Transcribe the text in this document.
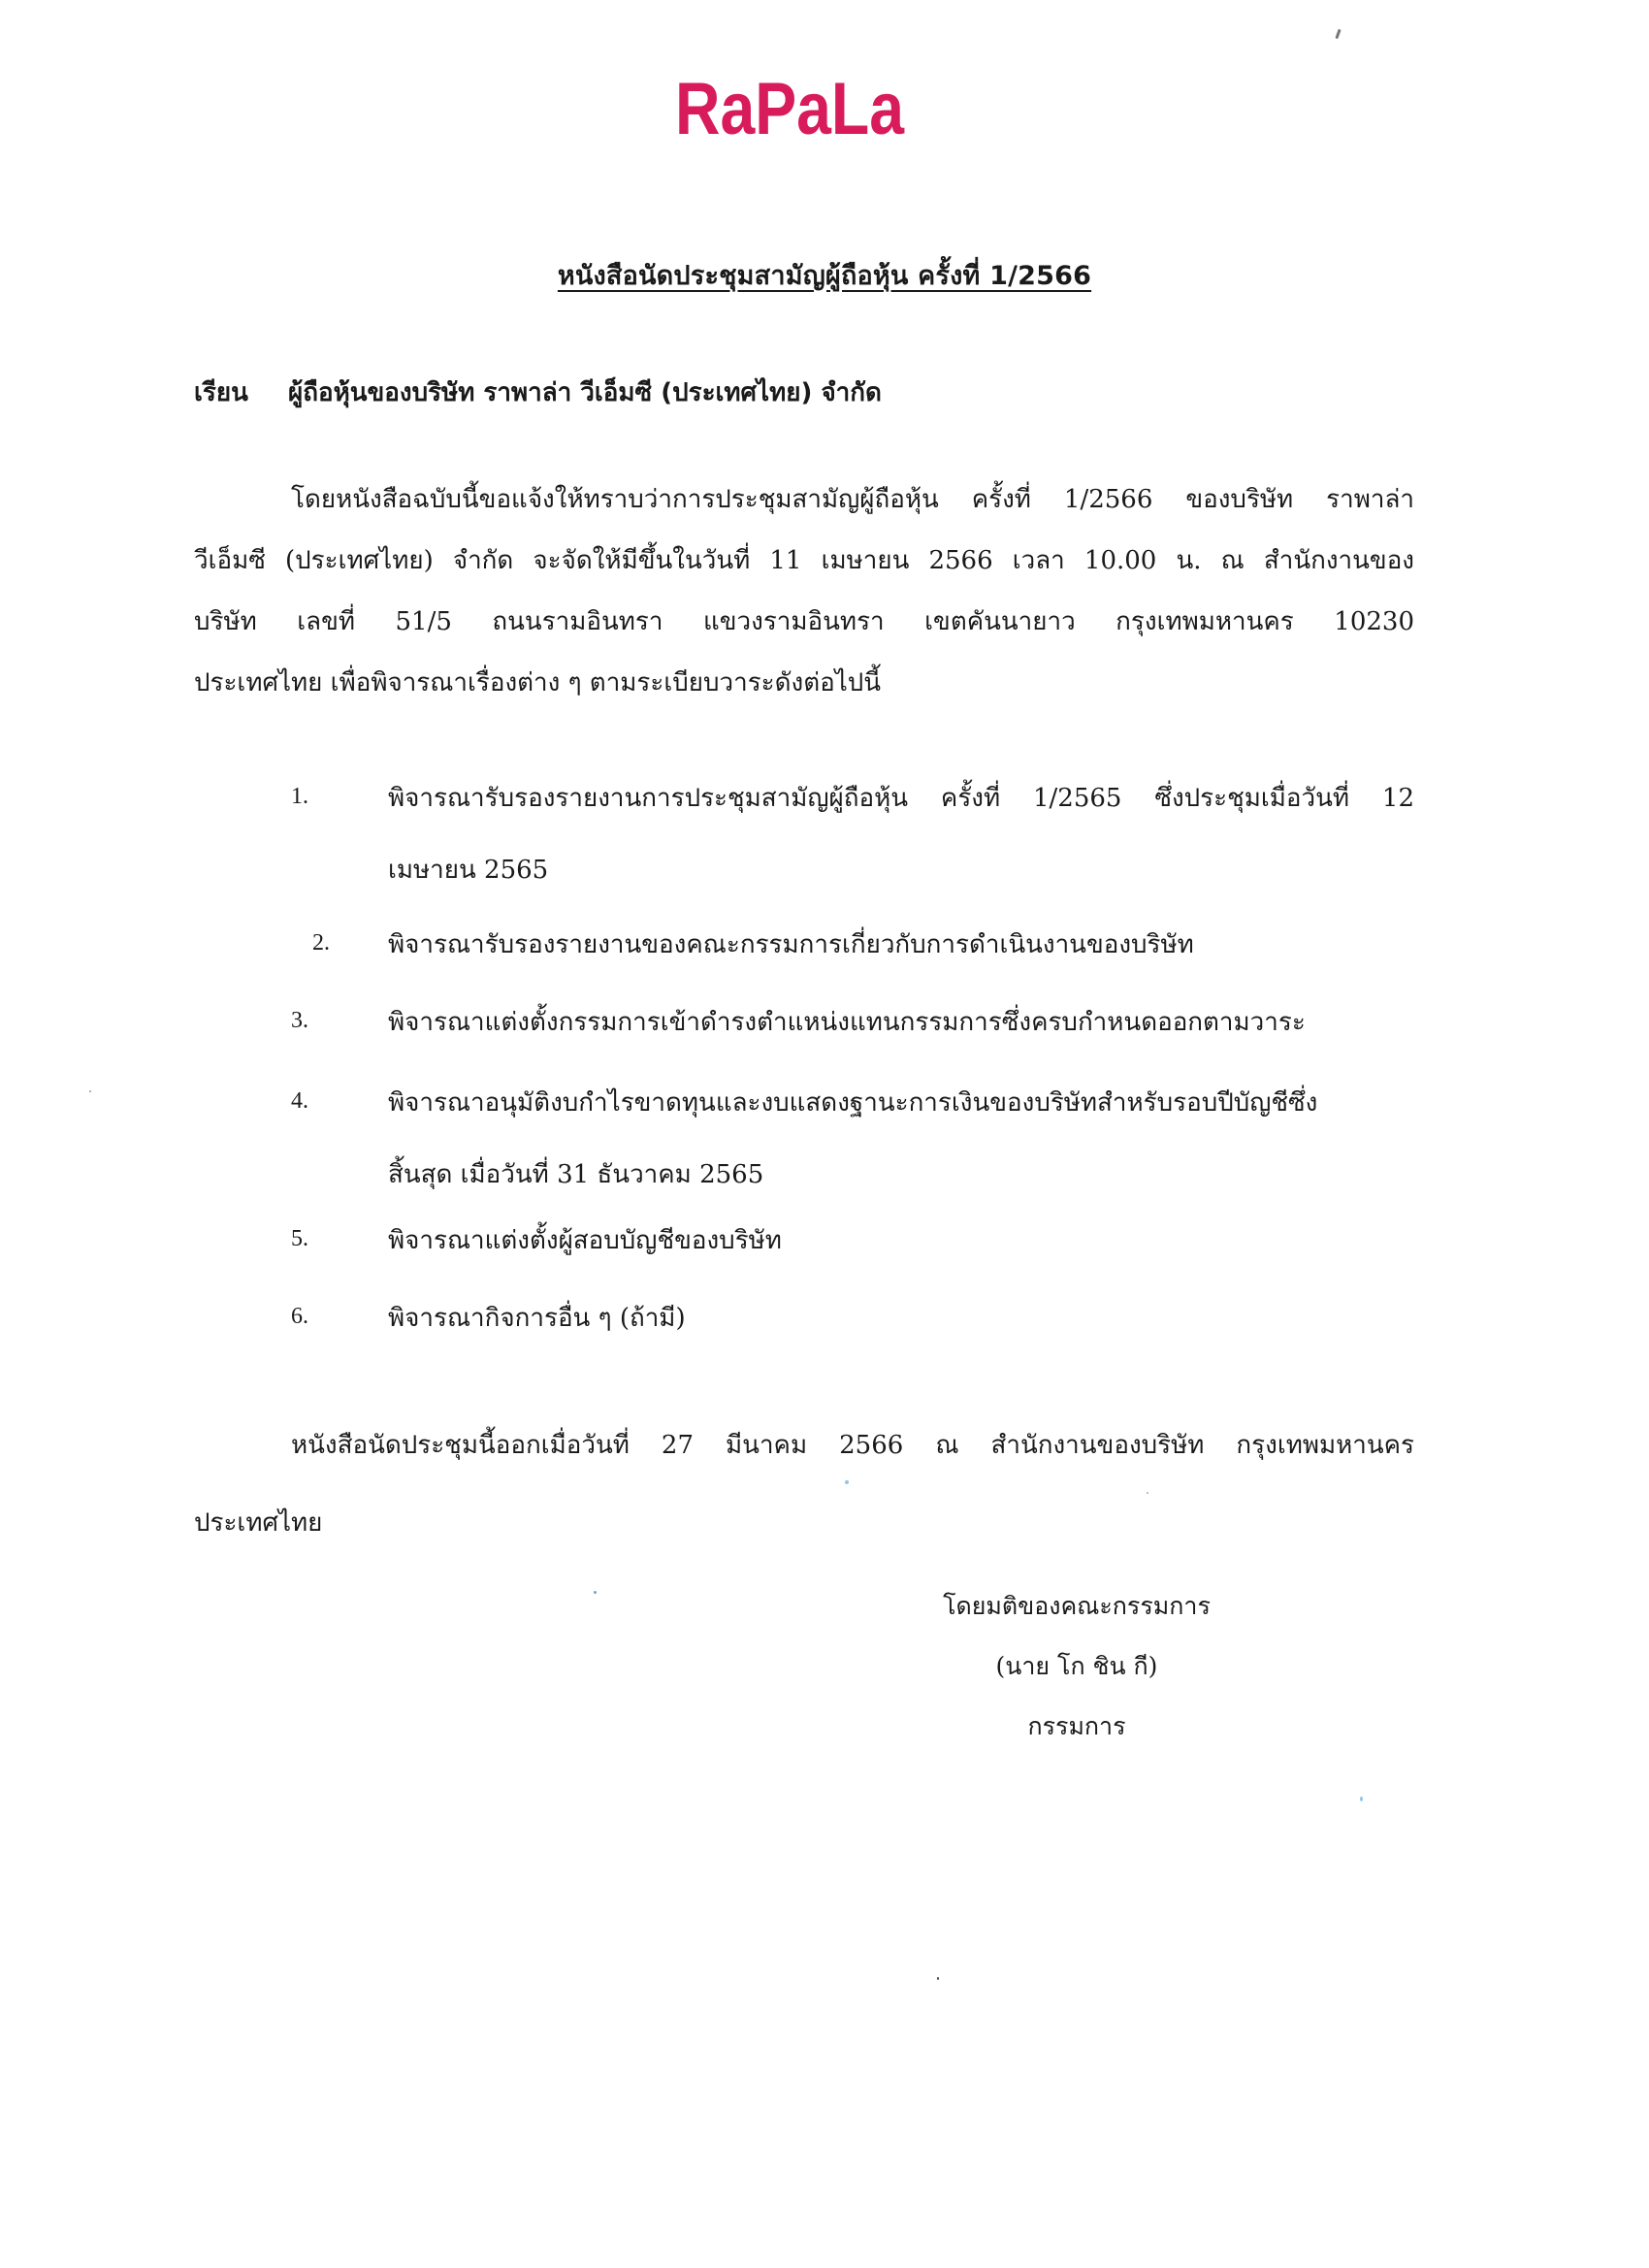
RaPaLa
หนังสือนัดประชุมสามัญผู้ถือหุ้น ครั้งที่ 1/2566
เรียน ผู้ถือหุ้นของบริษัท ราพาล่า วีเอ็มซี (ประเทศไทย) จำกัด
โดยหนังสือฉบับนี้ขอแจ้งให้ทราบว่าการประชุมสามัญผู้ถือหุ้น ครั้งที่ 1/2566 ของบริษัท ราพาล่า
วีเอ็มซี (ประเทศไทย) จำกัด จะจัดให้มีขึ้นในวันที่ 11 เมษายน 2566 เวลา 10.00 น. ณ สำนักงานของ
บริษัท เลขที่ 51/5 ถนนรามอินทรา แขวงรามอินทรา เขตคันนายาว กรุงเทพมหานคร 10230
ประเทศไทย เพื่อพิจารณาเรื่องต่าง ๆ ตามระเบียบวาระดังต่อไปนี้
1.	พิจารณารับรองรายงานการประชุมสามัญผู้ถือหุ้น ครั้งที่ 1/2565 ซึ่งประชุมเมื่อวันที่ 12
เมษายน 2565
2. พิจารณารับรองรายงานของคณะกรรมการเกี่ยวกับการดำเนินงานของบริษัท
3.	พิจารณาแต่งตั้งกรรมการเข้าดำรงตำแหน่งแทนกรรมการซึ่งครบกำหนดออกตามวาระ
4.	พิจารณาอนุมัติงบกำไรขาดทุนและงบแสดงฐานะการเงินของบริษัทสำหรับรอบปีบัญชีซึ่ง
สิ้นสุด เมื่อวันที่ 31 ธันวาคม 2565
5.	พิจารณาแต่งตั้งผู้สอบบัญชีของบริษัท
6.	พิจารณากิจการอื่น ๆ (ถ้ามี)
หนังสือนัดประชุมนี้ออกเมื่อวันที่ 27 มีนาคม 2566 ณ สำนักงานของบริษัท กรุงเทพมหานคร
ประเทศไทย
โดยมติของคณะกรรมการ
(นาย โก ชิน กี)
กรรมการ
